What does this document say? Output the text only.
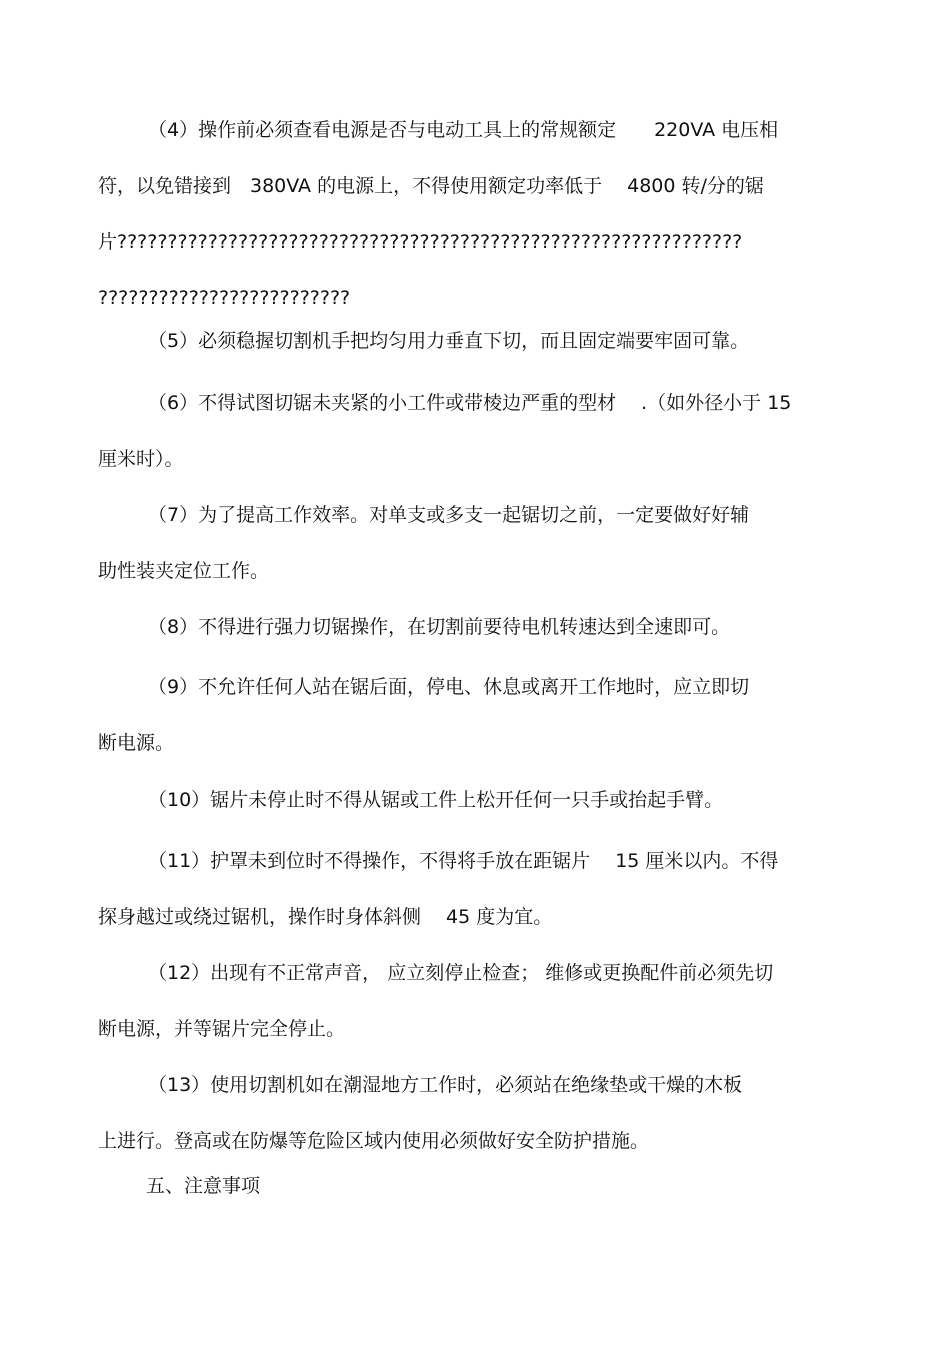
（4）操作前必须查看电源是否与电动工具上的常规额定　　220VA 电压相
符，以免错接到　380VA 的电源上，不得使用额定功率低于　 4800 转/分的锯
片??????????????????????????????????????????????????????????????
?????????????????????????
（5）必须稳握切割机手把均匀用力垂直下切，而且固定端要牢固可靠。
（6）不得试图切锯未夹紧的小工件或带棱边严重的型材　 .（如外径小于 15
厘米时）。
（7）为了提高工作效率。对单支或多支一起锯切之前，一定要做好好辅
助性装夹定位工作。
（8）不得进行强力切锯操作，在切割前要待电机转速达到全速即可。
（9）不允许任何人站在锯后面，停电、休息或离开工作地时，应立即切
断电源。
（10）锯片未停止时不得从锯或工件上松开任何一只手或抬起手臂。
（11）护罩未到位时不得操作，不得将手放在距锯片　 15 厘米以内。不得
探身越过或绕过锯机，操作时身体斜侧　 45 度为宜。
（12）出现有不正常声音， 应立刻停止检查； 维修或更换配件前必须先切
断电源，并等锯片完全停止。
（13）使用切割机如在潮湿地方工作时，必须站在绝缘垫或干燥的木板
上进行。登高或在防爆等危险区域内使用必须做好安全防护措施。
五、注意事项
